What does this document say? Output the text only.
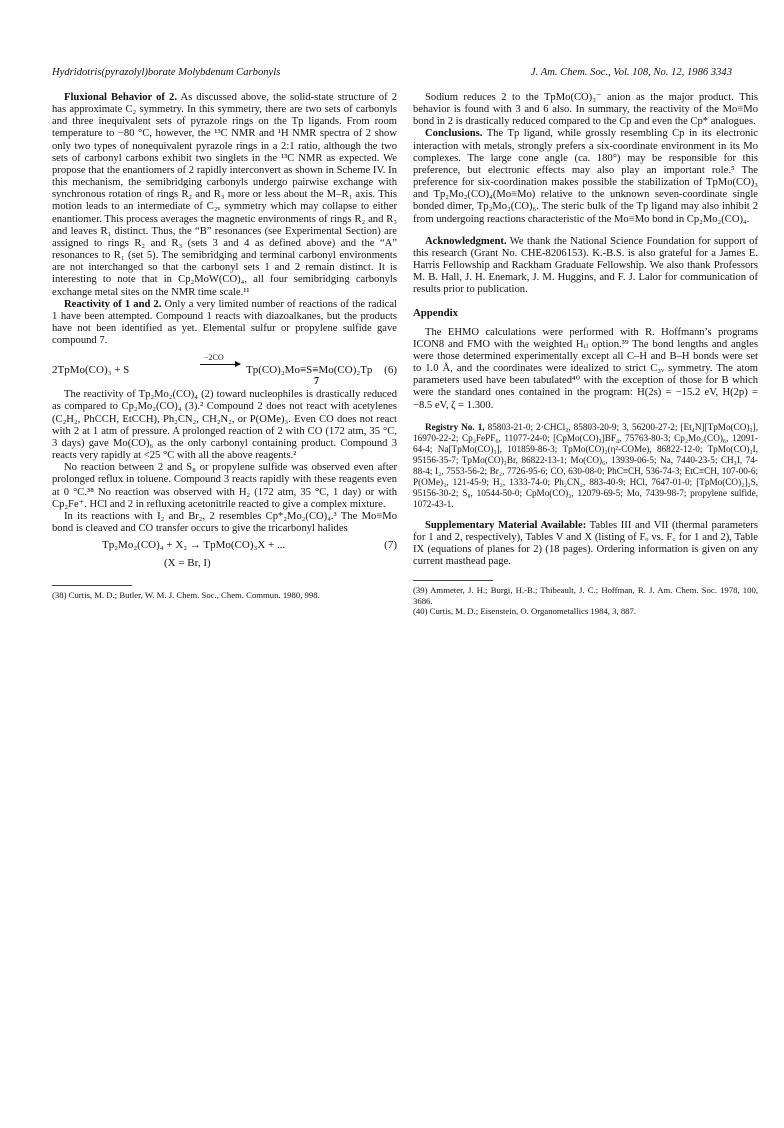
Hydridotris(pyrazolyl)borate Molybdenum Carbonyls	J. Am. Chem. Soc., Vol. 108, No. 12, 1986 3343

Fluxional Behavior of 2. As discussed above, the solid-state structure of 2 has approximate C₂ symmetry. In this symmetry, there are two sets of carbonyls and three inequivalent sets of pyrazole rings on the Tp ligands. From room temperature to −80 °C, however, the ¹³C NMR and ¹H NMR spectra of 2 show only two types of nonequivalent pyrazole rings in a 2:1 ratio, although the two sets of carbonyl carbons exhibit two singlets in the ¹³C NMR as expected. We propose that the enantiomers of 2 rapidly interconvert as shown in Scheme IV. In this mechanism, the semibridging carbonyls undergo pairwise exchange with synchronous rotation of rings R₂ and R₃ more or less about the M–R₁ axis. This motion leads to an intermediate of C₂ᵥ symmetry which may collapse to either enantiomer. This process averages the magnetic environments of rings R₂ and R₃ and leaves R₁ distinct. Thus, the “B” resonances (see Experimental Section) are assigned to rings R₂ and R₃ (sets 3 and 4 as defined above) and the “A” resonances to R₁ (set 5). The semibridging and terminal carbonyl environments are not interchanged so that the carbonyl sets 1 and 2 remain distinct. It is interesting to note that in Cp₂MoW(CO)₄, all four semibridging carbonyls exchange metal sites on the NMR time scale.¹¹

Reactivity of 1 and 2. Only a very limited number of reactions of the radical 1 have been attempted. Compound 1 reacts with diazoalkanes, but the products have not been identified as yet. Elemental sulfur or propylene sulfide gave compound 7.

2TpMo(CO)₃ + S
−2CO
→ Tp(CO)₂Mo≡S≡Mo(CO)₂Tp (6)
7

The reactivity of Tp₂Mo₂(CO)₄ (2) toward nucleophiles is drastically reduced as compared to Cp₂Mo₂(CO)₄ (3).² Compound 2 does not react with acetylenes (C₂H₂, PhCCH, EtCCH), Ph₂CN₂, CH₂N₂, or P(OMe)₃. Even CO does not react with 2 at 1 atm of pressure. A prolonged reaction of 2 with CO (172 atm, 35 °C, 3 days) gave Mo(CO)₆ as the only carbonyl containing product. Compound 3 reacts very rapidly at <25 °C with all the above reagents.²

No reaction between 2 and S₈ or propylene sulfide was observed even after prolonged reflux in toluene. Compound 3 reacts rapidly with these reagents even at 0 °C.³⁸ No reaction was observed with H₂ (172 atm, 35 °C, 1 day) or with Cp₂Fe⁺. HCl and 2 in refluxing acetonitrile reacted to give a complex mixture.

In its reactions with I₂ and Br₂, 2 resembles Cp*₂Mo₂(CO)₄.³ The Mo≡Mo bond is cleaved and CO transfer occurs to give the tricarbonyl halides

Tp₂Mo₂(CO)₄ + X₂ → TpMo(CO)₃X + ...	(7)
(X = Br, I)

(38) Curtis, M. D.; Butler, W. M. J. Chem. Soc., Chem. Commun. 1980, 998.

Sodium reduces 2 to the TpMo(CO)₃⁻ anion as the major product. This behavior is found with 3 and 6 also. In summary, the reactivity of the Mo≡Mo bond in 2 is drastically reduced compared to the Cp and even the Cp* analogues.

Conclusions. The Tp ligand, while grossly resembling Cp in its electronic interaction with metals, strongly prefers a six-coordinate environment in its Mo complexes. The large cone angle (ca. 180°) may be responsible for this preference, but electronic effects may also play an important role.⁵ The preference for six-coordination makes possible the stabilization of TpMo(CO)₃ and Tp₂Mo₂(CO)₄(Mo≡Mo) relative to the unknown seven-coordinate single bonded dimer, Tp₂Mo₂(CO)₆. The steric bulk of the Tp ligand may also inhibit 2 from undergoing reactions characteristic of the Mo≡Mo bond in Cp₂Mo₂(CO)₄.

Acknowledgment. We thank the National Science Foundation for support of this research (Grant No. CHE-8206153). K.-B.S. is also grateful for a James E. Harris Fellowship and Rackham Graduate Fellowship. We also thank Professors M. B. Hall, J. H. Enemark, J. M. Huggins, and F. J. Lalor for communication of results prior to publication.

Appendix

The EHMO calculations were performed with R. Hoffmann’s programs ICON8 and FMO with the weighted Hᵢⱼ option.³⁹ The bond lengths and angles were those determined experimentally except all C–H and B–H bonds were set to 1.0 Å, and the coordinates were idealized to strict C₃ᵥ symmetry. The atom parameters used have been tabulated⁴⁰ with the exception of those for B which were the standard ones contained in the program: H(2s) = −15.2 eV, H(2p) = −8.5 eV, ζ = 1.300.

Registry No. 1, 85803-21-0; 2·CHCl₃, 85803-20-9; 3, 56200-27-2; [Et₄N][TpMo(CO)₃], 16970-22-2; Cp₂FePF₆, 11077-24-0; [CpMo(CO)₃]BF₄, 75763-80-3; Cp₂Mo₂(CO)₆, 12091-64-4; Na[TpMo(CO)₃], 101859-86-3; TpMo(CO)₂(η²-COMe), 86822-12-0; TpMo(CO)₃I, 95156-35-7; TpMo(CO)₃Br, 86822-13-1; Mo(CO)₆, 13939-06-5; Na, 7440-23-5; CH₃I, 74-88-4; I₂, 7553-56-2; Br₂, 7726-95-6; CO, 630-08-0; PhC≡CH, 536-74-3; EtC≡CH, 107-00-6; P(OMe)₃, 121-45-9; H₂, 1333-74-0; Ph₂CN₂, 883-40-9; HCl, 7647-01-0; [TpMo(CO)₂]₂S, 95156-30-2; S₈, 10544-50-0; CpMo(CO)₃, 12079-69-5; Mo, 7439-98-7; propylene sulfide, 1072-43-1.

Supplementary Material Available: Tables III and VII (thermal parameters for 1 and 2, respectively), Tables V and X (listing of Fₒ vs. F꜀ for 1 and 2), Table IX (equations of planes for 2) (18 pages). Ordering information is given on any current masthead page.

(39) Ammeter, J. H.; Burgi, H.-B.; Thibeault, J. C.; Hoffman, R. J. Am. Chem. Soc. 1978, 100, 3686.

(40) Curtis, M. D.; Eisenstein, O. Organometallics 1984, 3, 887.
